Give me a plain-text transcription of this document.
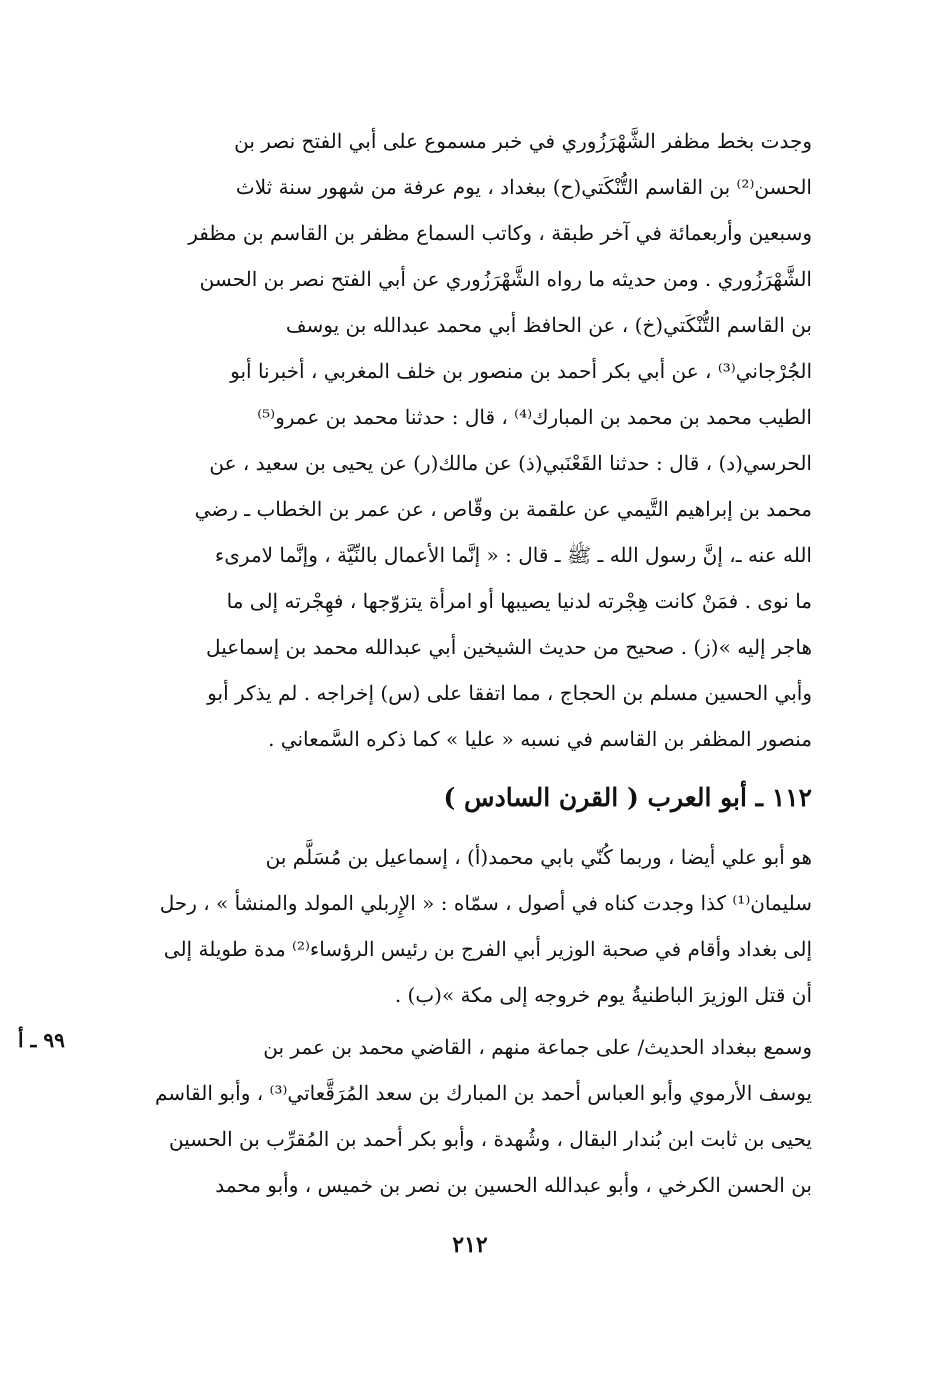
وجدت بخط مظفر الشَّهْرَزُوري في خبر مسموع على أبي الفتح نصر بن
الحسن⁽²⁾ بن القاسم التُّنْكَتي(ح) ببغداد ، يوم عرفة من شهور سنة ثلاث
وسبعين وأربعمائة في آخر طبقة ، وكاتب السماع مظفر بن القاسم بن مظفر
الشَّهْرَزُوري . ومن حديثه ما رواه الشَّهْرَزُوري عن أبي الفتح نصر بن الحسن
بن القاسم التُّنْكَتي(خ) ، عن الحافظ أبي محمد عبدالله بن يوسف
الجُرْجاني⁽³⁾ ، عن أبي بكر أحمد بن منصور بن خلف المغربي ، أخبرنا أبو
الطيب محمد بن محمد بن المبارك⁽⁴⁾ ، قال : حدثنا محمد بن عمرو⁽⁵⁾
الحرسي(د) ، قال : حدثنا القَعْنَبي(ذ) عن مالك(ر) عن يحيى بن سعيد ، عن
محمد بن إبراهيم التَّيمي عن علقمة بن وقّاص ، عن عمر بن الخطاب ـ رضي
الله عنه ـ، إنَّ رسول الله ـ ﷺ ـ قال : « إنَّما الأعمال بالنِّيَّة ، وإنَّما لامرىء
ما نوى . فمَنْ كانت هِجْرته لدنيا يصيبها أو امرأة يتزوّجها ، فهِجْرته إلى ما
هاجر إليه »(ز) . صحيح من حديث الشيخين أبي عبدالله محمد بن إسماعيل
وأبي الحسين مسلم بن الحجاج ، مما اتفقا على (س) إخراجه . لم يذكر أبو
منصور المظفر بن القاسم في نسبه « عليا » كما ذكره السَّمعاني .
١١٢ ـ أبو العرب ( القرن السادس )
هو أبو علي أيضا ، وربما كُنّي بابي محمد(أ) ، إسماعيل بن مُسَلَّم بن
سليمان⁽¹⁾ كذا وجدت كناه في أصول ، سمّاه : « الإِربلي المولد والمنشأ » ، رحل
إلى بغداد وأقام في صحبة الوزير أبي الفرج بن رئيس الرؤساء⁽²⁾ مدة طويلة إلى
أن قتل الوزيرَ الباطنيةُ يوم خروجه إلى مكة »(ب) .
٩٩ ـ أ	وسمع ببغداد الحديث/ على جماعة منهم ، القاضي محمد بن عمر بن
يوسف الأرموي وأبو العباس أحمد بن المبارك بن سعد المُرَقَّعاتي⁽³⁾ ، وأبو القاسم
يحيى بن ثابت ابن بُندار البقال ، وشُهدة ، وأبو بكر أحمد بن المُقرِّب بن الحسين
بن الحسن الكرخي ، وأبو عبدالله الحسين بن نصر بن خميس ، وأبو محمد
٢١٢
